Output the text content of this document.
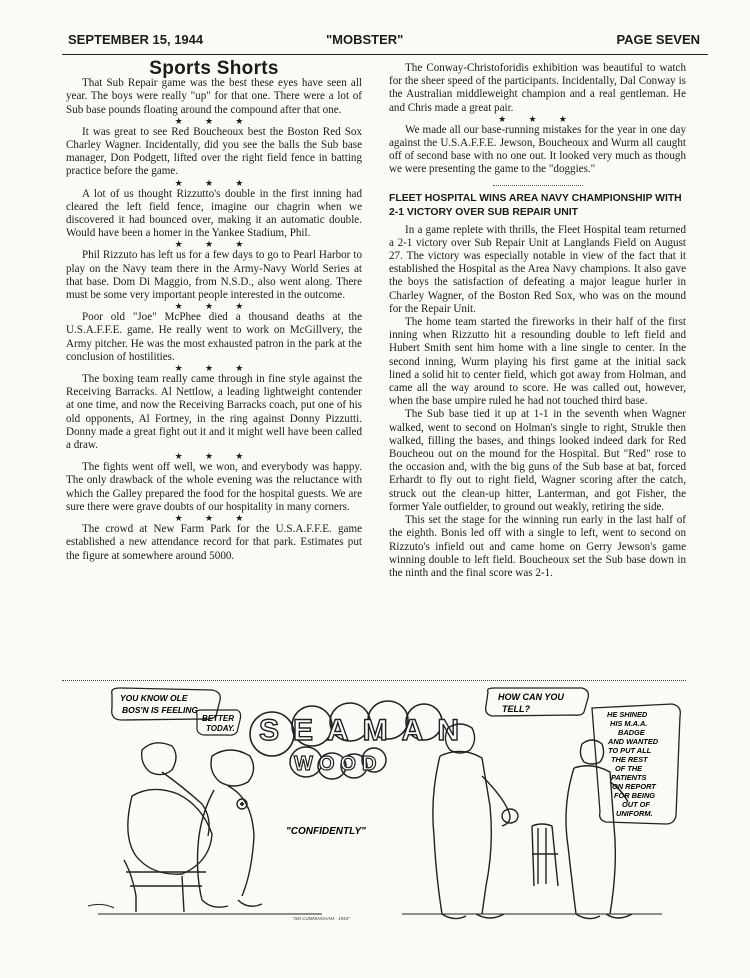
SEPTEMBER 15, 1944	"MOBSTER"	PAGE SEVEN
Sports Shorts

That Sub Repair game was the best these eyes have seen all year. The boys were really "up" for that one. There were a lot of Sub base pounds floating around the compound after that one.

★ ★ ★

It was great to see Red Boucheoux best the Boston Red Sox Charley Wagner. Incidentally, did you see the balls the Sub base manager, Don Podgett, lifted over the right field fence in batting practice before the game.

★ ★ ★

A lot of us thought Rizzutto's double in the first inning had cleared the left field fence, imagine our chagrin when we discovered it had bounced over, making it an automatic double. Would have been a homer in the Yankee Stadium, Phil.

★ ★ ★

Phil Rizzuto has left us for a few days to go to Pearl Harbor to play on the Navy team there in the Army-Navy World Series at that base. Dom Di Maggio, from N.S.D., also went along. There must be some very important people interested in the outcome.

★ ★ ★

Poor old "Joe" McPhee died a thousand deaths at the U.S.A.F.F.E. game. He really went to work on McGillvery, the Army pitcher. He was the most exhausted patron in the park at the conclusion of hostilities.

★ ★ ★

The boxing team really came through in fine style against the Receiving Barracks. Al Nettlow, a leading lightweight contender at one time, and now the Receiving Barracks coach, put one of his old opponents, Al Fortney, in the ring against Donny Pizzutti. Donny made a great fight out it and it might well have been called a draw.

★ ★ ★

The fights went off well, we won, and everybody was happy. The only drawback of the whole evening was the reluctance with which the Galley prepared the food for the hospital guests. We are sure there were grave doubts of our hospitality in many corners.

★ ★ ★

The crowd at New Farm Park for the U.S.A.F.F.E. game established a new attendance record for that park. Estimates put the figure at somewhere around 5000.

The Conway-Christoforidis exhibition was beautiful to watch for the sheer speed of the participants. Incidentally, Dal Conway is the Australian middleweight champion and a real gentleman. He and Chris made a great pair.

★ ★ ★

We made all our base-running mistakes for the year in one day against the U.S.A.F.F.E. Jewson, Boucheoux and Wurm all caught off of second base with no one out. It looked very much as though we were presenting the game to the "doggies."

FLEET HOSPITAL WINS AREA NAVY CHAMPIONSHIP WITH 2-1 VICTORY OVER SUB REPAIR UNIT

In a game replete with thrills, the Fleet Hospital team returned a 2-1 victory over Sub Repair Unit at Langlands Field on August 27. The victory was especially notable in view of the fact that it established the Hospital as the Area Navy champions. It also gave the boys the satisfaction of defeating a major league hurler in Charley Wagner, of the Boston Red Sox, who was on the mound for the Repair Unit.

The home team started the fireworks in their half of the first inning when Rizzutto hit a resounding double to left field and Hubert Smith sent him home with a line single to center. In the second inning, Wurm playing his first game at the initial sack lined a solid hit to center field, which got away from Holman, and came all the way around to score. He was called out, however, when the base umpire ruled he had not touched third base.

The Sub base tied it up at 1-1 in the seventh when Wagner walked, went to second on Holman's single to right, Strukle then walked, filling the bases, and things looked indeed dark for Red Boucheou out on the mound for the Hospital. But "Red" rose to the occasion and, with the big guns of the Sub base at bat, forced Erhardt to fly out to right field, Wagner scoring after the catch, struck out the clean-up hitter, Lanterman, and got Fisher, the former Yale outfielder, to ground out weakly, retiring the side.

This set the stage for the winning run early in the last half of the eighth. Bonis led off with a single to left, went to second on Rizzuto's infield out and came home on Gerry Jewson's game winning double to left field. Boucheoux set the Sub base down in the ninth and the final score was 2-1.

YOU KNOW OLE
BOS'N IS FEELING
BETTER
TODAY. SEAMAN
WOOD
"CONFIDENTLY"
HOW CAN YOU
TELL?
HE SHINED
HIS M.A.A.
BADGE
AND WANTED
TO PUT ALL
THE REST
OF THE
PATIENTS
ON REPORT
FOR BEING
OUT OF
UNIFORM.
"JIM CUMMINGHAM - 1944"
